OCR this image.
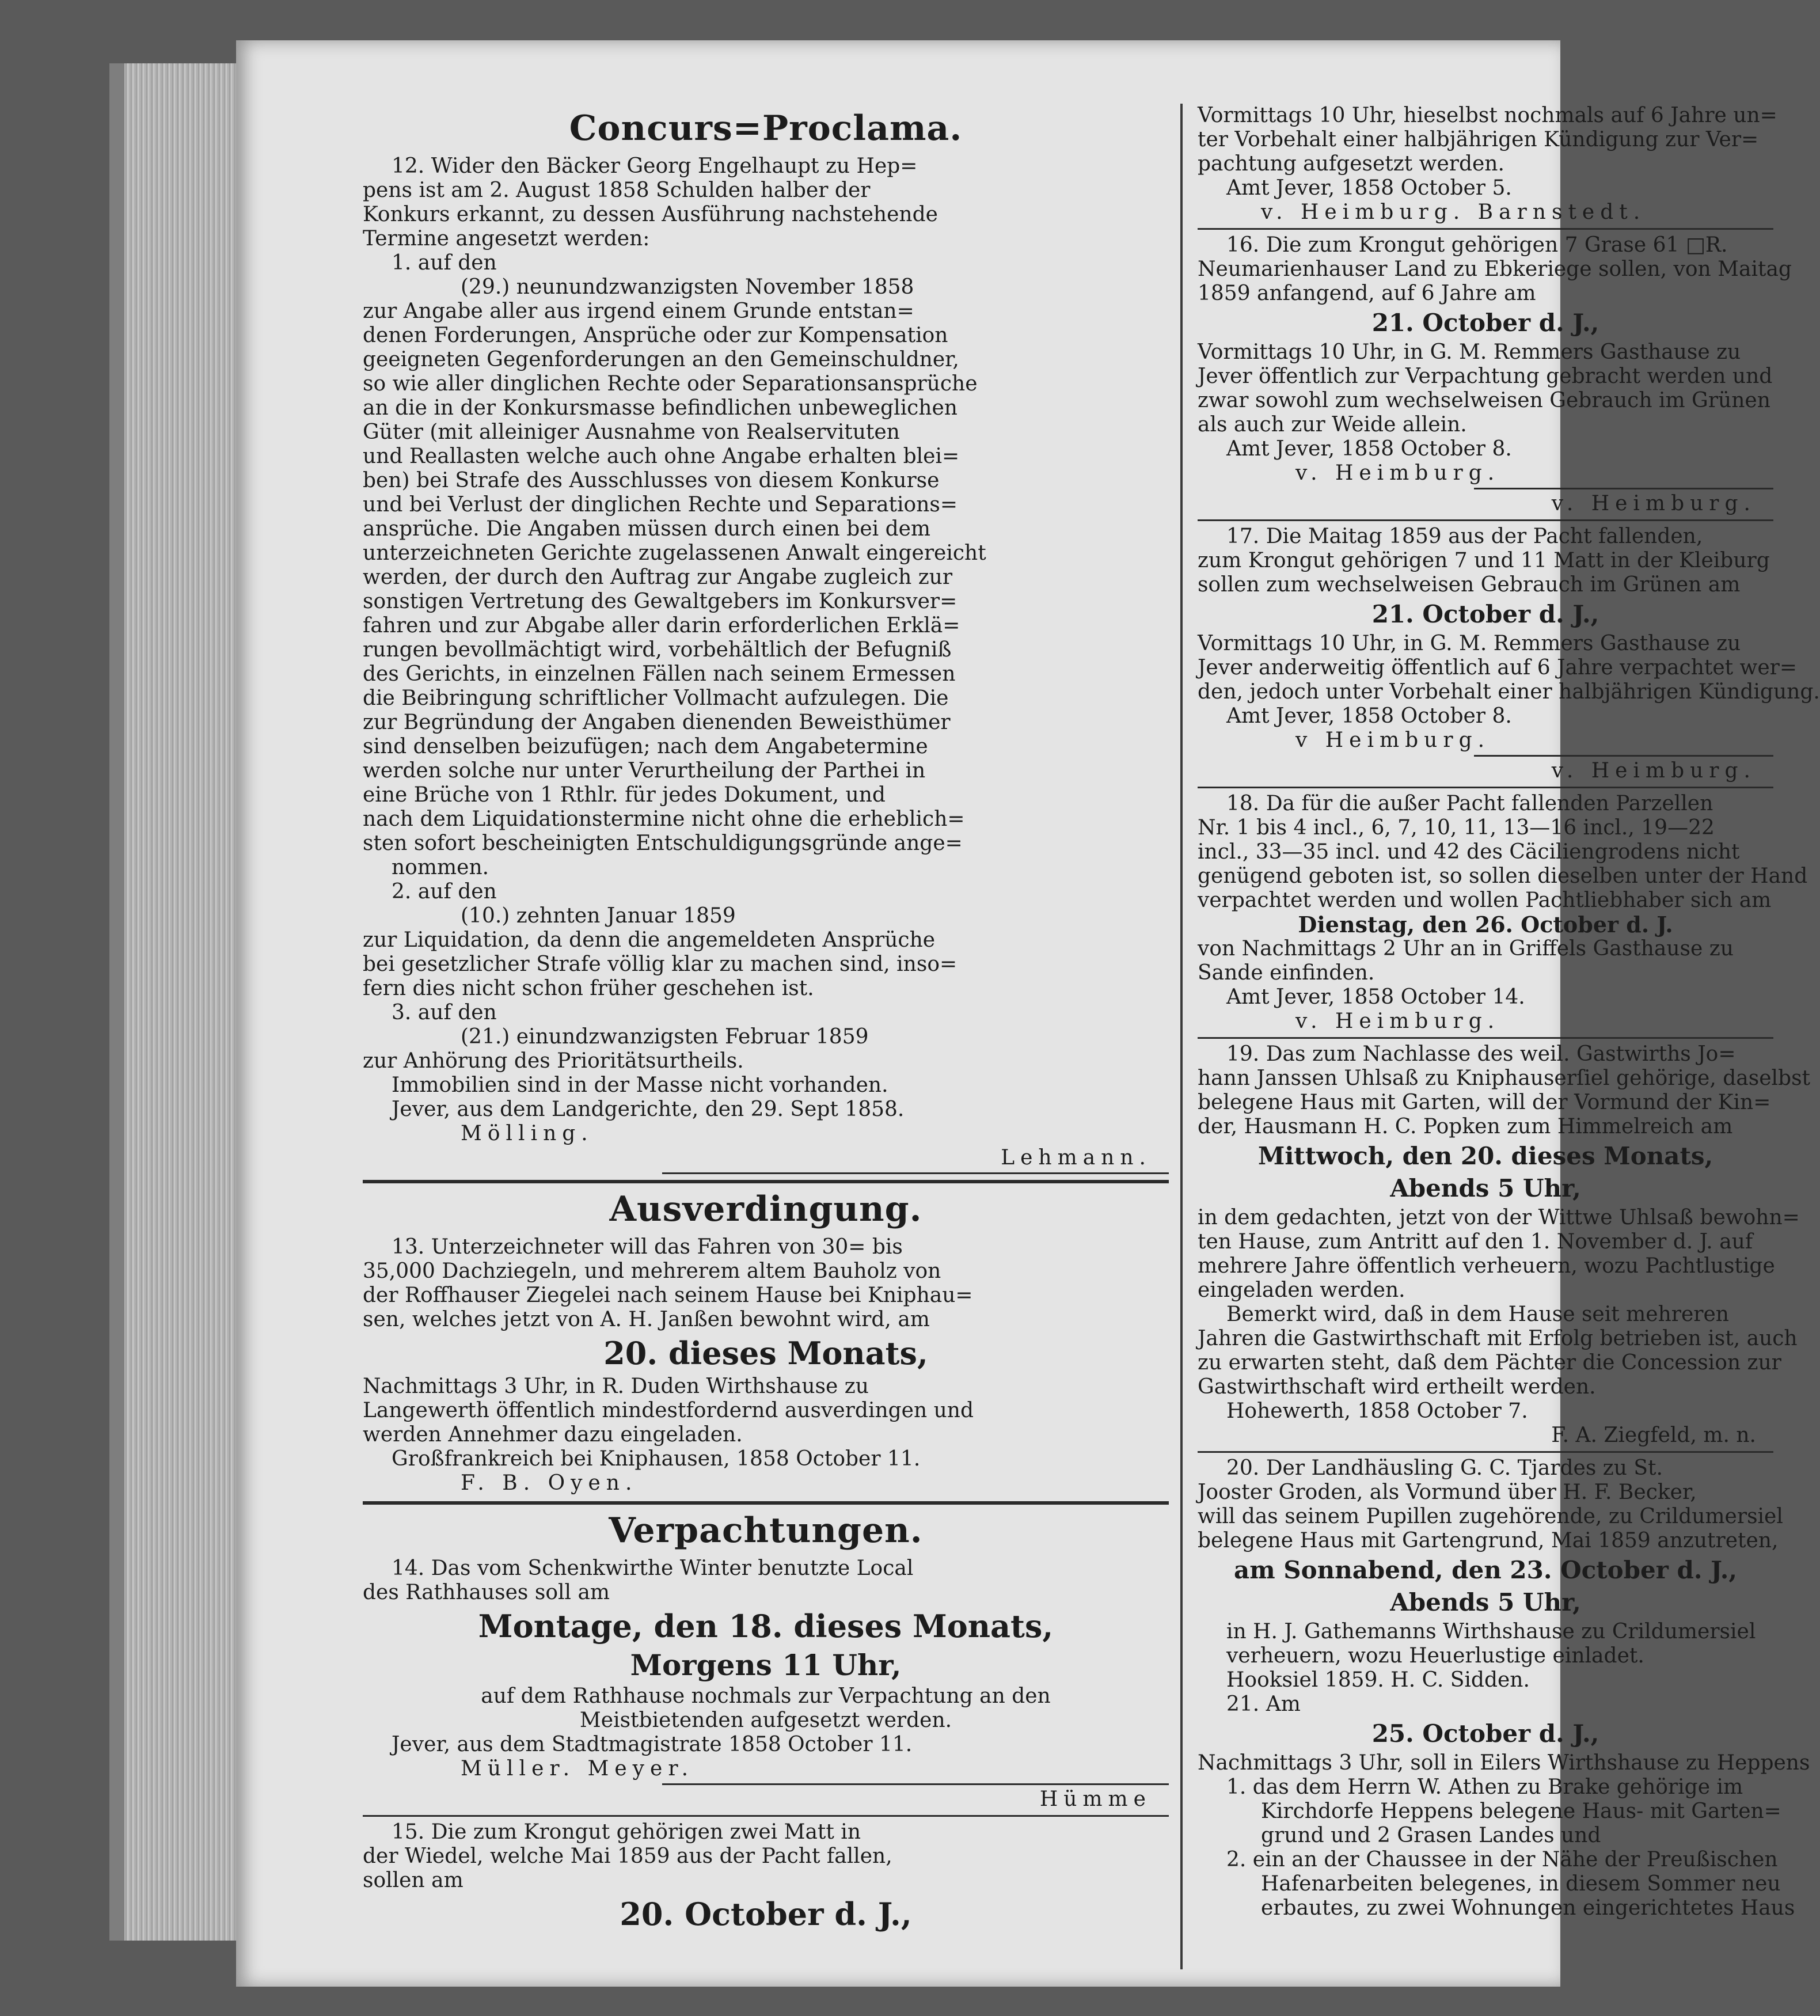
Concurs=Proclama.

12. Wider den Bäcker Georg Engelhaupt zu Hep=

pens ist am 2. August 1858 Schulden halber der

Konkurs erkannt, zu dessen Ausführung nachstehende

Termine angesetzt werden:

1. auf den

(29.) neunundzwanzigsten November 1858

zur Angabe aller aus irgend einem Grunde entstan=

denen Forderungen, Ansprüche oder zur Kompensation

geeigneten Gegenforderungen an den Gemeinschuldner,

so wie aller dinglichen Rechte oder Separationsansprüche

an die in der Konkursmasse befindlichen unbeweglichen

Güter (mit alleiniger Ausnahme von Realservituten

und Reallasten welche auch ohne Angabe erhalten blei=

ben) bei Strafe des Ausschlusses von diesem Konkurse

und bei Verlust der dinglichen Rechte und Separations=

ansprüche. Die Angaben müssen durch einen bei dem

unterzeichneten Gerichte zugelassenen Anwalt eingereicht

werden, der durch den Auftrag zur Angabe zugleich zur

sonstigen Vertretung des Gewaltgebers im Konkursver=

fahren und zur Abgabe aller darin erforderlichen Erklä=

rungen bevollmächtigt wird, vorbehältlich der Befugniß

des Gerichts, in einzelnen Fällen nach seinem Ermessen

die Beibringung schriftlicher Vollmacht aufzulegen. Die

zur Begründung der Angaben dienenden Beweisthümer

sind denselben beizufügen; nach dem Angabetermine

werden solche nur unter Verurtheilung der Parthei in

eine Brüche von 1 Rthlr. für jedes Dokument, und

nach dem Liquidationstermine nicht ohne die erheblich=

sten sofort bescheinigten Entschuldigungsgründe ange=

nommen.

2. auf den

(10.) zehnten Januar 1859

zur Liquidation, da denn die angemeldeten Ansprüche

bei gesetzlicher Strafe völlig klar zu machen sind, inso=

fern dies nicht schon früher geschehen ist.

3. auf den

(21.) einundzwanzigsten Februar 1859

zur Anhörung des Prioritätsurtheils.

Immobilien sind in der Masse nicht vorhanden.

Jever, aus dem Landgerichte, den 29. Sept 1858.

Mölling.

Lehmann.

Ausverdingung.

13. Unterzeichneter will das Fahren von 30= bis

35,000 Dachziegeln, und mehrerem altem Bauholz von

der Roffhauser Ziegelei nach seinem Hause bei Kniphau=

sen, welches jetzt von A. H. Janßen bewohnt wird, am

20. dieses Monats,

Nachmittags 3 Uhr, in R. Duden Wirthshause zu

Langewerth öffentlich mindestfordernd ausverdingen und

werden Annehmer dazu eingeladen.

Großfrankreich bei Kniphausen, 1858 October 11.

F. B. Oyen.

Verpachtungen.

14. Das vom Schenkwirthe Winter benutzte Local

des Rathhauses soll am

Montage, den 18. dieses Monats,
Morgens 11 Uhr,

auf dem Rathhause nochmals zur Verpachtung an den

Meistbietenden aufgesetzt werden.

Jever, aus dem Stadtmagistrate 1858 October 11.

Müller. Meyer.

Hümme

15. Die zum Krongut gehörigen zwei Matt in

der Wiedel, welche Mai 1859 aus der Pacht fallen,

sollen am

20. October d. J.,

Vormittags 10 Uhr, hieselbst nochmals auf 6 Jahre un=

ter Vorbehalt einer halbjährigen Kündigung zur Ver=

pachtung aufgesetzt werden.

Amt Jever, 1858 October 5.

v. Heimburg. Barnstedt.

16. Die zum Krongut gehörigen 7 Grase 61 □R.

Neumarienhauser Land zu Ebkeriege sollen, von Maitag

1859 anfangend, auf 6 Jahre am

21. October d. J.,

Vormittags 10 Uhr, in G. M. Remmers Gasthause zu

Jever öffentlich zur Verpachtung gebracht werden und

zwar sowohl zum wechselweisen Gebrauch im Grünen

als auch zur Weide allein.

Amt Jever, 1858 October 8.

v. Heimburg.

v. Heimburg.

17. Die Maitag 1859 aus der Pacht fallenden,

zum Krongut gehörigen 7 und 11 Matt in der Kleiburg

sollen zum wechselweisen Gebrauch im Grünen am

21. October d. J.,

Vormittags 10 Uhr, in G. M. Remmers Gasthause zu

Jever anderweitig öffentlich auf 6 Jahre verpachtet wer=

den, jedoch unter Vorbehalt einer halbjährigen Kündigung.

Amt Jever, 1858 October 8.

v Heimburg.

v. Heimburg.

18. Da für die außer Pacht fallenden Parzellen

Nr. 1 bis 4 incl., 6, 7, 10, 11, 13—16 incl., 19—22

incl., 33—35 incl. und 42 des Cäciliengrodens nicht

genügend geboten ist, so sollen dieselben unter der Hand

verpachtet werden und wollen Pachtliebhaber sich am

Dienstag, den 26. October d. J.

von Nachmittags 2 Uhr an in Griffels Gasthause zu

Sande einfinden.

Amt Jever, 1858 October 14.

v. Heimburg.

19. Das zum Nachlasse des weil. Gastwirths Jo=

hann Janssen Uhlsaß zu Kniphauserſiel gehörige, daselbst

belegene Haus mit Garten, will der Vormund der Kin=

der, Hausmann H. C. Popken zum Himmelreich am

Mittwoch, den 20. dieses Monats,
Abends 5 Uhr,

in dem gedachten, jetzt von der Wittwe Uhlsaß bewohn=

ten Hause, zum Antritt auf den 1. November d. J. auf

mehrere Jahre öffentlich verheuern, wozu Pachtlustige

eingeladen werden.

Bemerkt wird, daß in dem Hause seit mehreren

Jahren die Gastwirthschaft mit Erfolg betrieben ist, auch

zu erwarten steht, daß dem Pächter die Concession zur

Gastwirthschaft wird ertheilt werden.

Hohewerth, 1858 October 7.

F. A. Ziegfeld, m. n.

20. Der Landhäusling G. C. Tjardes zu St.

Jooster Groden, als Vormund über H. F. Becker,

will das seinem Pupillen zugehörende, zu Crildumersiel

belegene Haus mit Gartengrund, Mai 1859 anzutreten,

am Sonnabend, den 23. October d. J.,
Abends 5 Uhr,

in H. J. Gathemanns Wirthshause zu Crildumersiel

verheuern, wozu Heuerlustige einladet.

Hooksiel 1859. H. C. Sidden.

21. Am

25. October d. J.,

Nachmittags 3 Uhr, soll in Eilers Wirthshause zu Heppens

1. das dem Herrn W. Athen zu Brake gehörige im

Kirchdorfe Heppens belegene Haus- mit Garten=

grund und 2 Grasen Landes und

2. ein an der Chaussee in der Nähe der Preußischen

Hafenarbeiten belegenes, in diesem Sommer neu

erbautes, zu zwei Wohnungen eingerichtetes Haus
